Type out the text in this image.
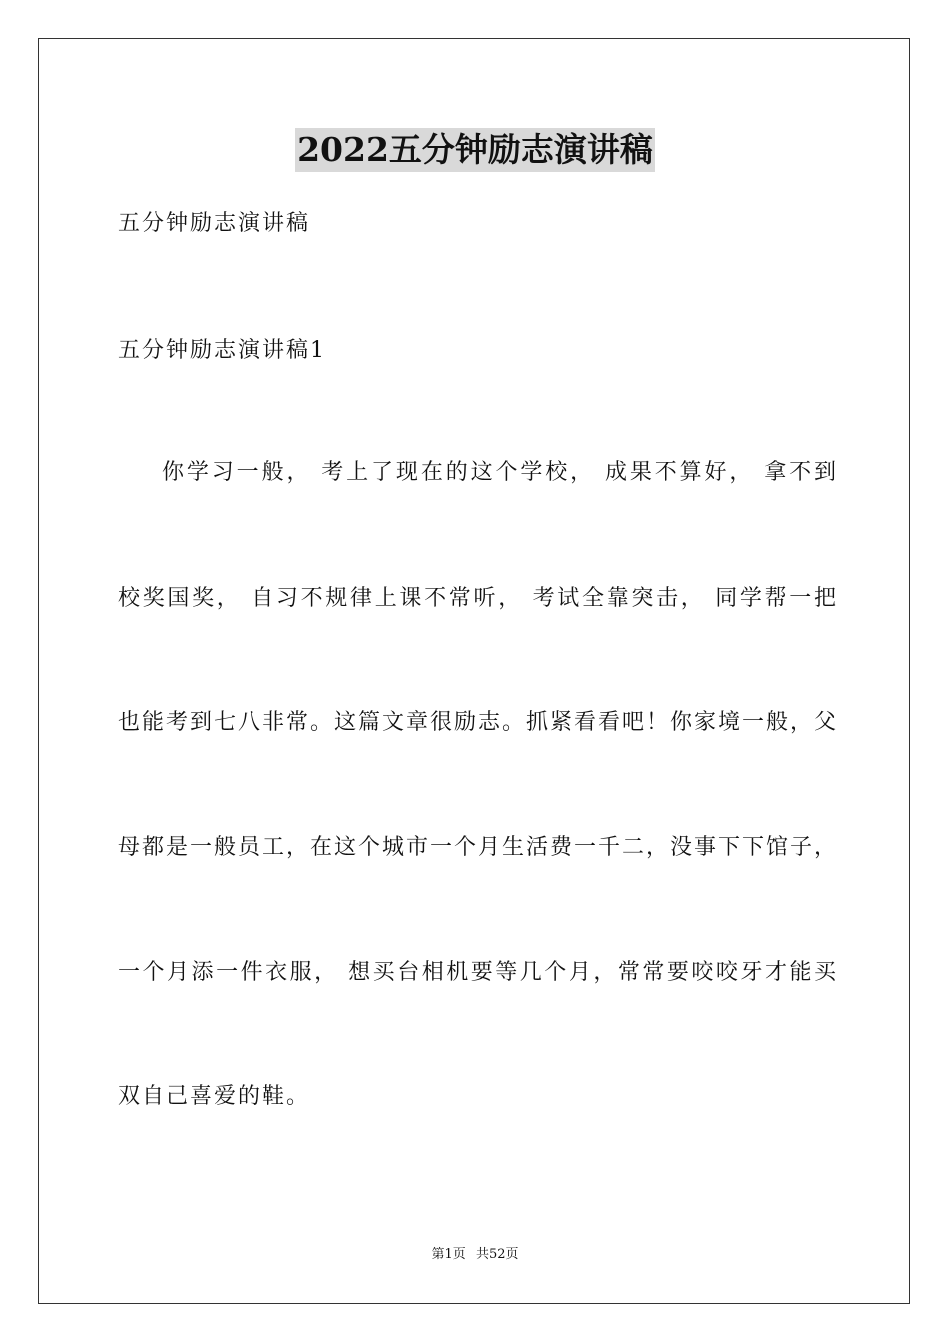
2022五分钟励志演讲稿

五分钟励志演讲稿

五分钟励志演讲稿1

你学习一般， 考上了现在的这个学校， 成果不算好， 拿不到

校奖国奖， 自习不规律上课不常听， 考试全靠突击， 同学帮一把

也能考到七八非常。这篇文章很励志。抓紧看看吧！你家境一般，父

母都是一般员工，在这个城市一个月生活费一千二，没事下下馆子，

一个月添一件衣服， 想买台相机要等几个月，常常要咬咬牙才能买

双自己喜爱的鞋。

第1页 共52页
